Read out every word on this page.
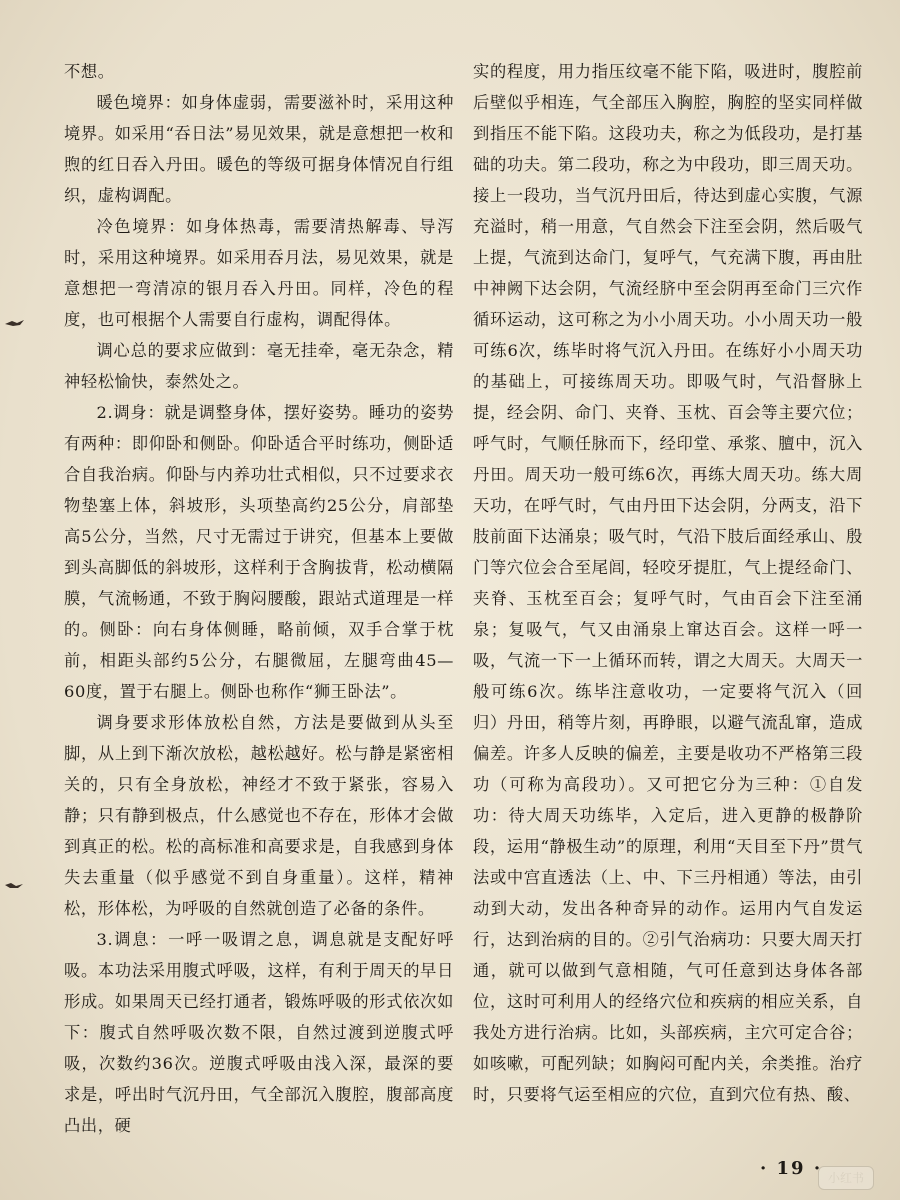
不想。

暖色境界：如身体虚弱，需要滋补时，采用这种境界。如采用“吞日法”易见效果，就是意想把一枚和煦的红日吞入丹田。暖色的等级可据身体情况自行组织，虚构调配。

冷色境界：如身体热毒，需要清热解毒、导泻时，采用这种境界。如采用吞月法，易见效果，就是意想把一弯清凉的银月吞入丹田。同样，冷色的程度，也可根据个人需要自行虚构，调配得体。

调心总的要求应做到：毫无挂牵，毫无杂念，精神轻松愉快，泰然处之。

2.调身：就是调整身体，摆好姿势。睡功的姿势有两种：即仰卧和侧卧。仰卧适合平时练功，侧卧适合自我治病。仰卧与内养功壮式相似，只不过要求衣物垫塞上体，斜坡形，头项垫高约25公分，肩部垫高5公分，当然，尺寸无需过于讲究，但基本上要做到头高脚低的斜坡形，这样利于含胸拔背，松动横隔膜，气流畅通，不致于胸闷腰酸，跟站式道理是一样的。侧卧：向右身体侧睡，略前倾，双手合掌于枕前，相距头部约5公分，右腿微屈，左腿弯曲45—60度，置于右腿上。侧卧也称作“狮王卧法”。

调身要求形体放松自然，方法是要做到从头至脚，从上到下渐次放松，越松越好。松与静是紧密相关的，只有全身放松，神经才不致于紧张，容易入静；只有静到极点，什么感觉也不存在，形体才会做到真正的松。松的高标准和高要求是，自我感到身体失去重量（似乎感觉不到自身重量）。这样，精神松，形体松，为呼吸的自然就创造了必备的条件。

3.调息：一呼一吸谓之息，调息就是支配好呼吸。本功法采用腹式呼吸，这样，有利于周天的早日形成。如果周天已经打通者，锻炼呼吸的形式依次如下：腹式自然呼吸次数不限，自然过渡到逆腹式呼吸，次数约36次。逆腹式呼吸由浅入深，最深的要求是，呼出时气沉丹田，气全部沉入腹腔，腹部高度凸出，硬

实的程度，用力指压纹毫不能下陷，吸进时，腹腔前后壁似乎相连，气全部压入胸腔，胸腔的坚实同样做到指压不能下陷。这段功夫，称之为低段功，是打基础的功夫。第二段功，称之为中段功，即三周天功。接上一段功，当气沉丹田后，待达到虚心实腹，气源充溢时，稍一用意，气自然会下注至会阴，然后吸气上提，气流到达命门，复呼气，气充满下腹，再由肚中神阙下达会阴，气流经脐中至会阴再至命门三穴作循环运动，这可称之为小小周天功。小小周天功一般可练6次，练毕时将气沉入丹田。在练好小小周天功的基础上，可接练周天功。即吸气时，气沿督脉上提，经会阴、命门、夹脊、玉枕、百会等主要穴位；呼气时，气顺任脉而下，经印堂、承浆、膻中，沉入丹田。周天功一般可练6次，再练大周天功。练大周天功，在呼气时，气由丹田下达会阴，分两支，沿下肢前面下达涌泉；吸气时，气沿下肢后面经承山、殷门等穴位会合至尾闾，轻咬牙提肛，气上提经命门、夹脊、玉枕至百会；复呼气时，气由百会下注至涌泉；复吸气，气又由涌泉上窜达百会。这样一呼一吸，气流一下一上循环而转，谓之大周天。大周天一般可练6次。练毕注意收功，一定要将气沉入（回归）丹田，稍等片刻，再睁眼，以避气流乱窜，造成偏差。许多人反映的偏差，主要是收功不严格第三段功（可称为高段功）。又可把它分为三种：①自发功：待大周天功练毕，入定后，进入更静的极静阶段，运用“静极生动”的原理，利用“天目至下丹”贯气法或中宫直透法（上、中、下三丹相通）等法，由引动到大动，发出各种奇异的动作。运用内气自发运行，达到治病的目的。②引气治病功：只要大周天打通，就可以做到气意相随，气可任意到达身体各部位，这时可利用人的经络穴位和疾病的相应关系，自我处方进行治病。比如，头部疾病，主穴可定合谷；如咳嗽，可配列缺；如胸闷可配内关，余类推。治疗时，只要将气运至相应的穴位，直到穴位有热、酸、

· 19 · 小红书
